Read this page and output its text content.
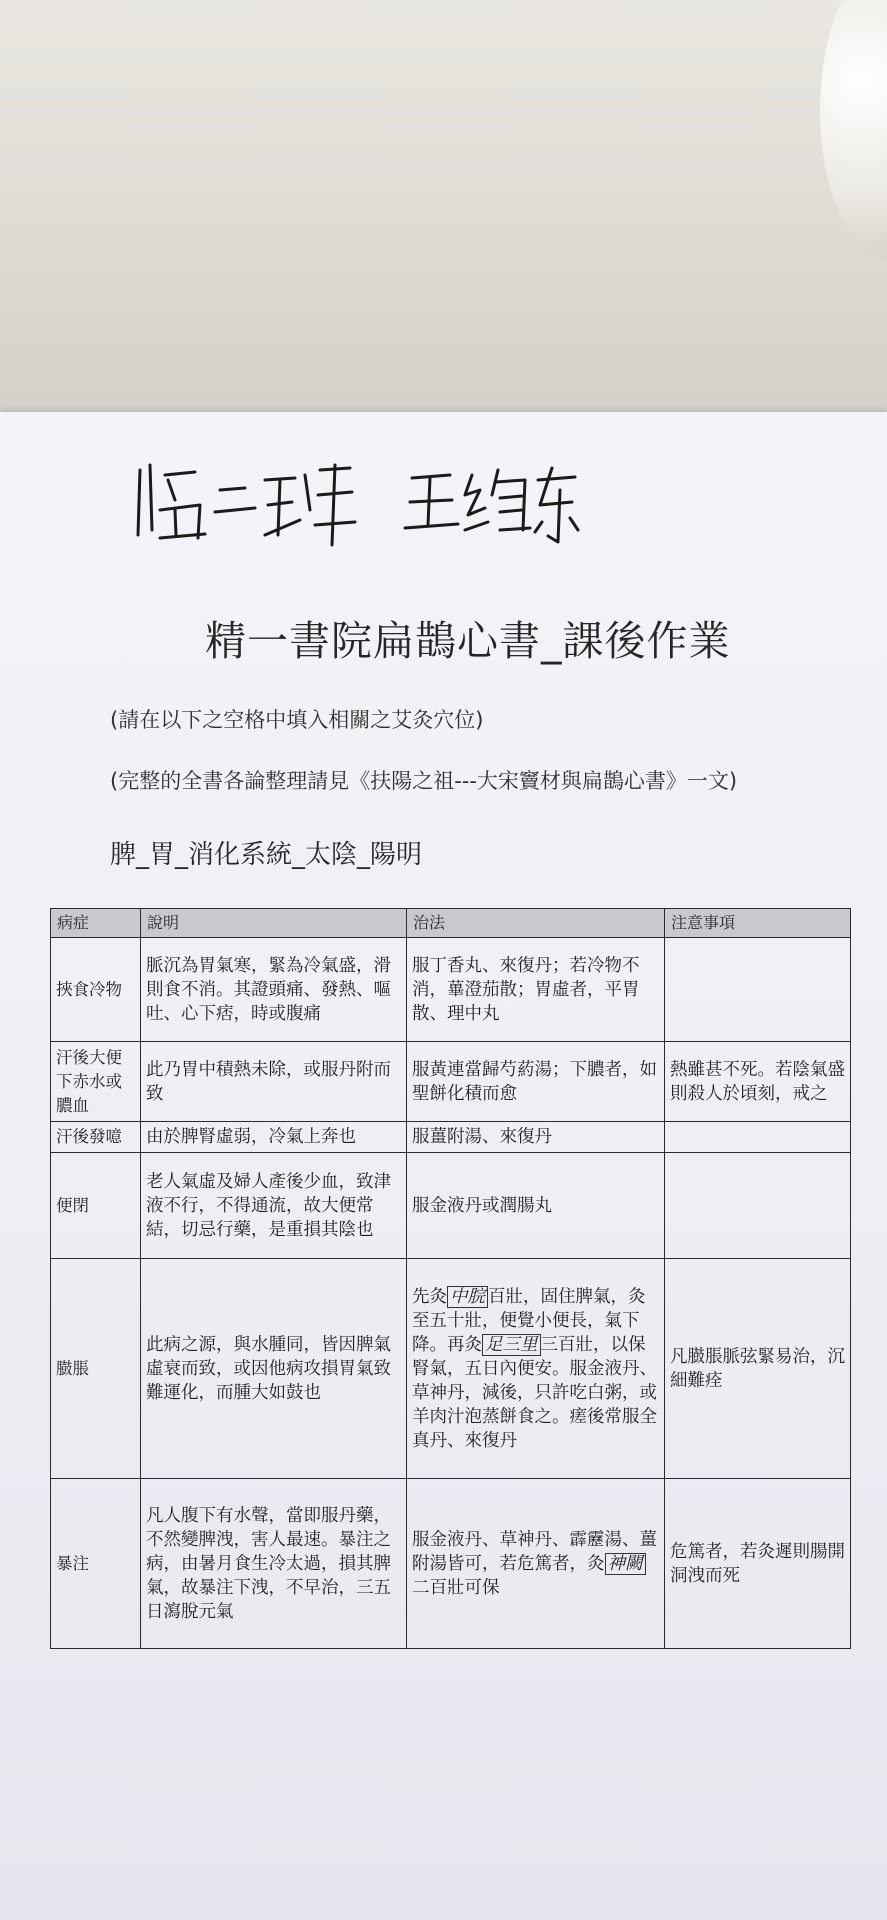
精一書院扁鵲心書_課後作業
(請在以下之空格中填入相關之艾灸穴位)
(完整的全書各論整理請見《扶陽之祖---大宋竇材與扁鵲心書》一文)
脾_胃_消化系統_太陰_陽明
病症	說明	治法	注意事項
挾食冷物	脈沉為胃氣寒，緊為冷氣盛，滑則食不消。其證頭痛、發熱、嘔吐、心下痞，時或腹痛	服丁香丸、來復丹；若冷物不消，蓽澄茄散；胃虛者，平胃散、理中丸	
汗後大便下赤水或膿血	此乃胃中積熱未除，或服丹附而致	服黃連當歸芍葯湯；下膿者，如聖餅化積而愈	熱雖甚不死。若陰氣盛則殺人於頃刻，戒之
汗後發噫	由於脾腎虛弱，冷氣上奔也	服薑附湯、來復丹	
便閉	老人氣虛及婦人產後少血，致津液不行，不得通流，故大便常結，切忌行藥，是重損其陰也	服金液丹或潤腸丸	
臌脹	此病之源，與水腫同，皆因脾氣虛衰而致，或因他病攻損胃氣致難運化，而腫大如鼓也	先灸 中脘 百壯，固住脾氣，灸至五十壯，便覺小便長，氣下降。再灸 足三里 三百壯，以保腎氣，五日內便安。服金液丹、草神丹，減後，只許吃白粥，或羊肉汁泡蒸餅食之。瘥後常服全真丹、來復丹	凡臌脹脈弦緊易治，沉細難痊
暴注	凡人腹下有水聲，當即服丹藥，不然變脾洩，害人最速。暴注之病，由暑月食生冷太過，損其脾氣，故暴注下洩，不早治，三五日瀉脫元氣	服金液丹、草神丹、霹靂湯、薑附湯皆可，若危篤者，灸 神闕二百壯可保	危篤者，若灸遲則腸開洞洩而死
